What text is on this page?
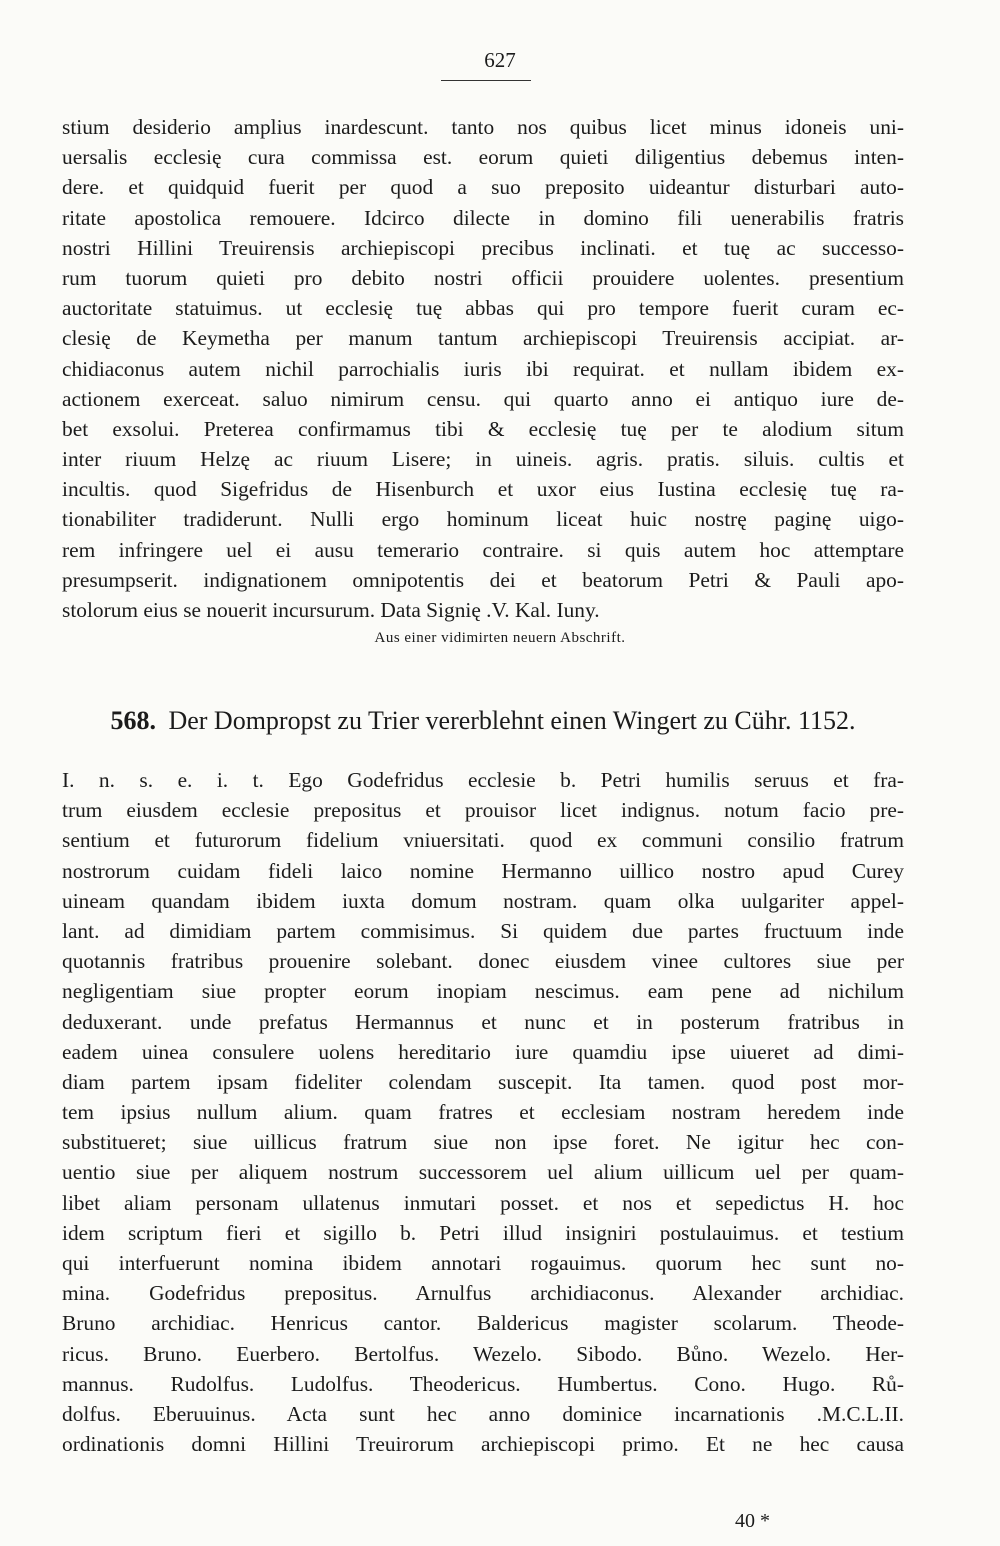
627
stium desiderio amplius inardescunt. tanto nos quibus licet minus idoneis uni-
uersalis ecclesię cura commissa est. eorum quieti diligentius debemus inten-
dere. et quidquid fuerit per quod a suo preposito uideantur disturbari auto-
ritate apostolica remouere. Idcirco dilecte in domino fili uenerabilis fratris
nostri Hillini Treuirensis archiepiscopi precibus inclinati. et tuę ac successo-
rum tuorum quieti pro debito nostri officii prouidere uolentes. presentium
auctoritate statuimus. ut ecclesię tuę abbas qui pro tempore fuerit curam ec-
clesię de Keymetha per manum tantum archiepiscopi Treuirensis accipiat. ar-
chidiaconus autem nichil parrochialis iuris ibi requirat. et nullam ibidem ex-
actionem exerceat. saluo nimirum censu. qui quarto anno ei antiquo iure de-
bet exsolui. Preterea confirmamus tibi & ecclesię tuę per te alodium situm
inter riuum Helzę ac riuum Lisere; in uineis. agris. pratis. siluis. cultis et
incultis. quod Sigefridus de Hisenburch et uxor eius Iustina ecclesię tuę ra-
tionabiliter tradiderunt. Nulli ergo hominum liceat huic nostrę paginę uigo-
rem infringere uel ei ausu temerario contraire. si quis autem hoc attemptare
presumpserit. indignationem omnipotentis dei et beatorum Petri & Pauli apo-
stolorum eius se nouerit incursurum. Data Signię .V. Kal. Iuny.
Aus einer vidimirten neuern Abschrift.
568. Der Dompropst zu Trier vererblehnt einen Wingert zu Cühr. 1152.
I. n. s. e. i. t. Ego Godefridus ecclesie b. Petri humilis seruus et fra-
trum eiusdem ecclesie prepositus et prouisor licet indignus. notum facio pre-
sentium et futurorum fidelium vniuersitati. quod ex communi consilio fratrum
nostrorum cuidam fideli laico nomine Hermanno uillico nostro apud Curey
uineam quandam ibidem iuxta domum nostram. quam olka uulgariter appel-
lant. ad dimidiam partem commisimus. Si quidem due partes fructuum inde
quotannis fratribus prouenire solebant. donec eiusdem vinee cultores siue per
negligentiam siue propter eorum inopiam nescimus. eam pene ad nichilum
deduxerant. unde prefatus Hermannus et nunc et in posterum fratribus in
eadem uinea consulere uolens hereditario iure quamdiu ipse uiueret ad dimi-
diam partem ipsam fideliter colendam suscepit. Ita tamen. quod post mor-
tem ipsius nullum alium. quam fratres et ecclesiam nostram heredem inde
substitueret; siue uillicus fratrum siue non ipse foret. Ne igitur hec con-
uentio siue per aliquem nostrum successorem uel alium uillicum uel per quam-
libet aliam personam ullatenus inmutari posset. et nos et sepedictus H. hoc
idem scriptum fieri et sigillo b. Petri illud insigniri postulauimus. et testium
qui interfuerunt nomina ibidem annotari rogauimus. quorum hec sunt no-
mina. Godefridus prepositus. Arnulfus archidiaconus. Alexander archidiac.
Bruno archidiac. Henricus cantor. Baldericus magister scolarum. Theode-
ricus. Bruno. Euerbero. Bertolfus. Wezelo. Sibodo. Bůno. Wezelo. Her-
mannus. Rudolfus. Ludolfus. Theodericus. Humbertus. Cono. Hugo. Rů-
dolfus. Eberuuinus. Acta sunt hec anno dominice incarnationis .M.C.L.II.
ordinationis domni Hillini Treuirorum archiepiscopi primo. Et ne hec causa
40 *
